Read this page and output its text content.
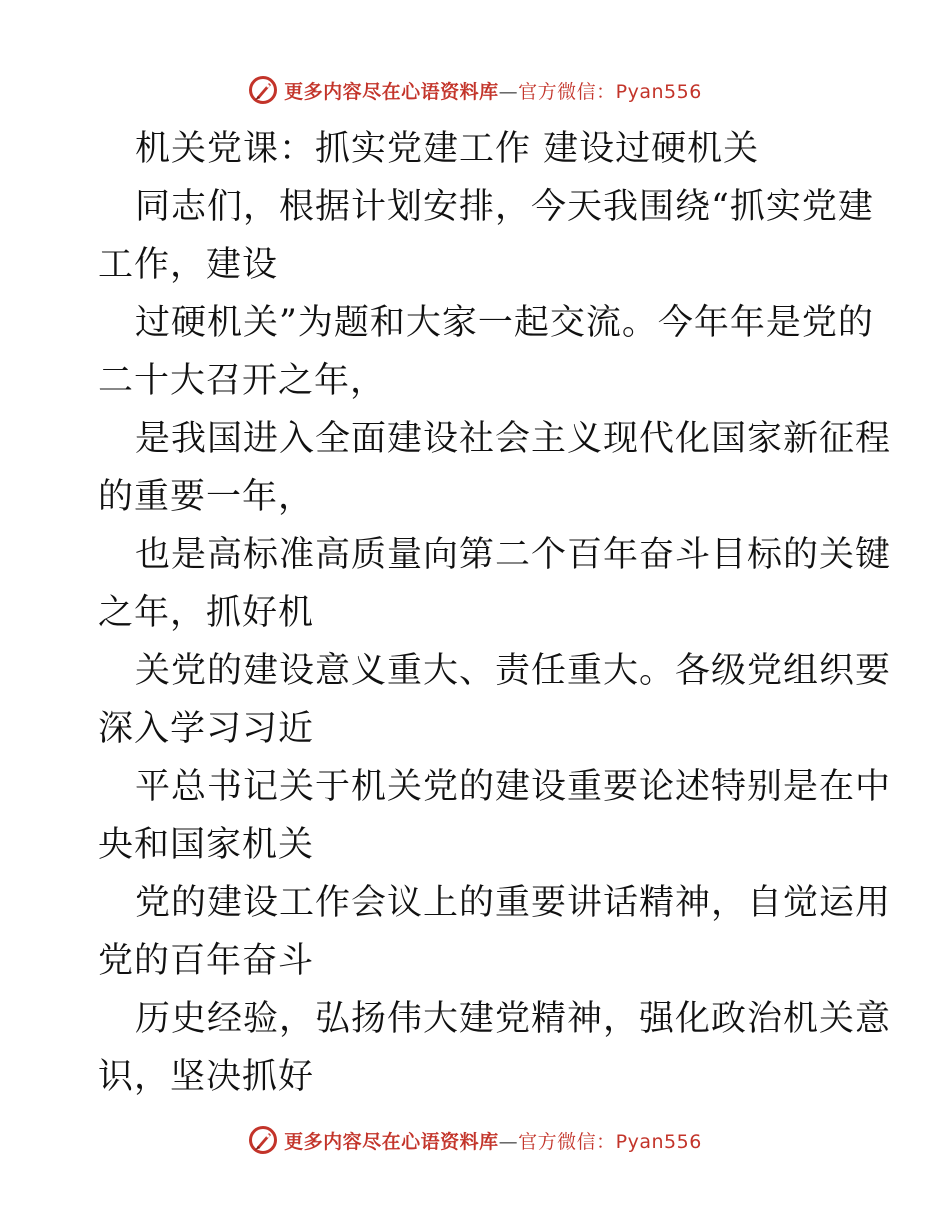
更多内容尽在心语资料库—官方微信：Pyan556
机关党课：抓实党建工作 建设过硬机关
同志们，根据计划安排，今天我围绕“抓实党建
工作，建设
过硬机关”为题和大家一起交流。今年年是党的
二十大召开之年，
是我国进入全面建设社会主义现代化国家新征程
的重要一年，
也是高标准高质量向第二个百年奋斗目标的关键
之年，抓好机
关党的建设意义重大、责任重大。各级党组织要
深入学习习近
平总书记关于机关党的建设重要论述特别是在中
央和国家机关
党的建设工作会议上的重要讲话精神，自觉运用
党的百年奋斗
历史经验，弘扬伟大建党精神，强化政治机关意
识，坚决抓好
更多内容尽在心语资料库—官方微信：Pyan556
